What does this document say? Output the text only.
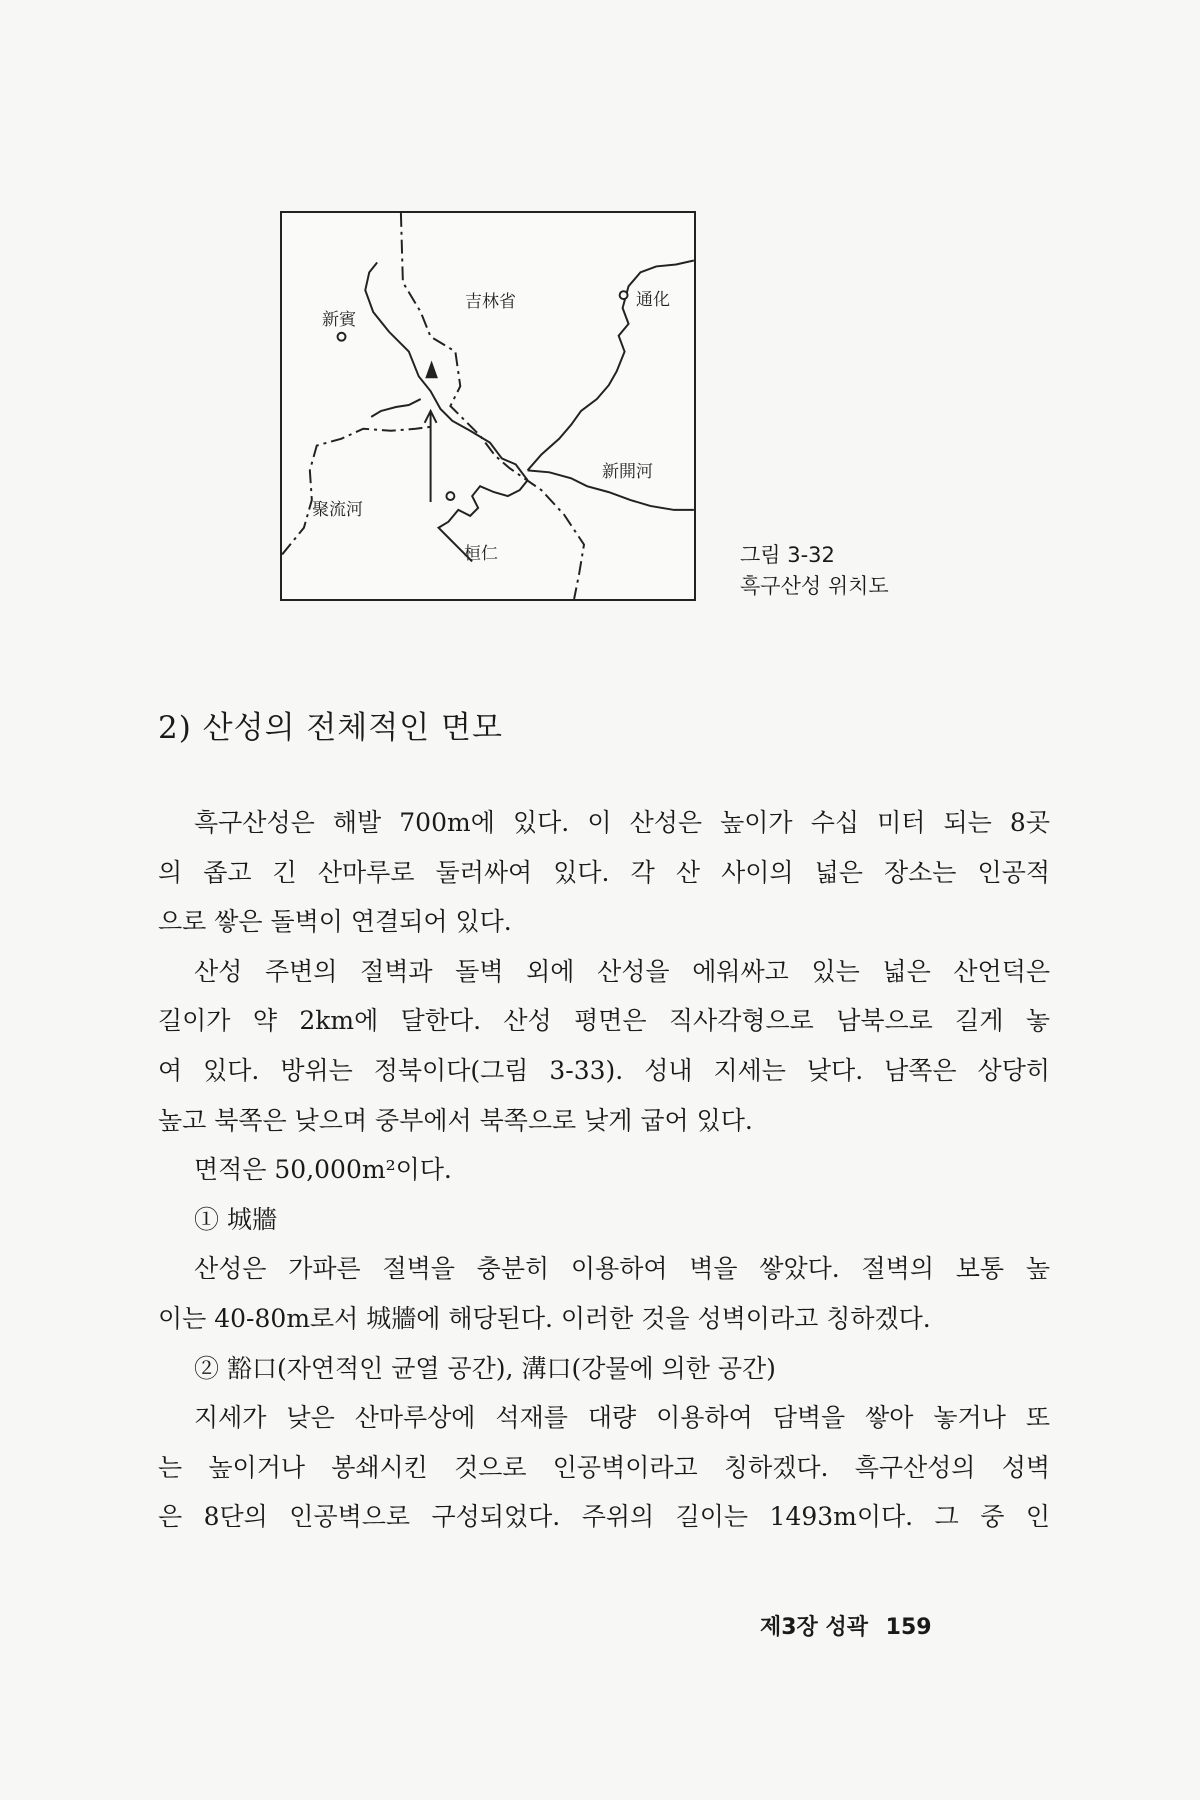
吉林省	通化
新賓
新開河
聚流河
桓仁	그림 3-32
흑구산성 위치도
2) 산성의 전체적인 면모
흑구산성은 해발 700m에 있다. 이 산성은 높이가 수십 미터 되는 8곳
의 좁고 긴 산마루로 둘러싸여 있다. 각 산 사이의 넓은 장소는 인공적
으로 쌓은 돌벽이 연결되어 있다.
산성 주변의 절벽과 돌벽 외에 산성을 에워싸고 있는 넓은 산언덕은
길이가 약 2km에 달한다. 산성 평면은 직사각형으로 남북으로 길게 놓
여 있다. 방위는 정북이다(그림 3-33). 성내 지세는 낮다. 남쪽은 상당히
높고 북쪽은 낮으며 중부에서 북쪽으로 낮게 굽어 있다.
면적은 50,000m²이다.
① 城牆
산성은 가파른 절벽을 충분히 이용하여 벽을 쌓았다. 절벽의 보통 높
이는 40-80m로서 城牆에 해당된다. 이러한 것을 성벽이라고 칭하겠다.
② 豁口(자연적인 균열 공간), 溝口(강물에 의한 공간)
지세가 낮은 산마루상에 석재를 대량 이용하여 담벽을 쌓아 놓거나 또
는 높이거나 봉쇄시킨 것으로 인공벽이라고 칭하겠다. 흑구산성의 성벽
은 8단의 인공벽으로 구성되었다. 주위의 길이는 1493m이다. 그 중 인
제3장 성곽 159
